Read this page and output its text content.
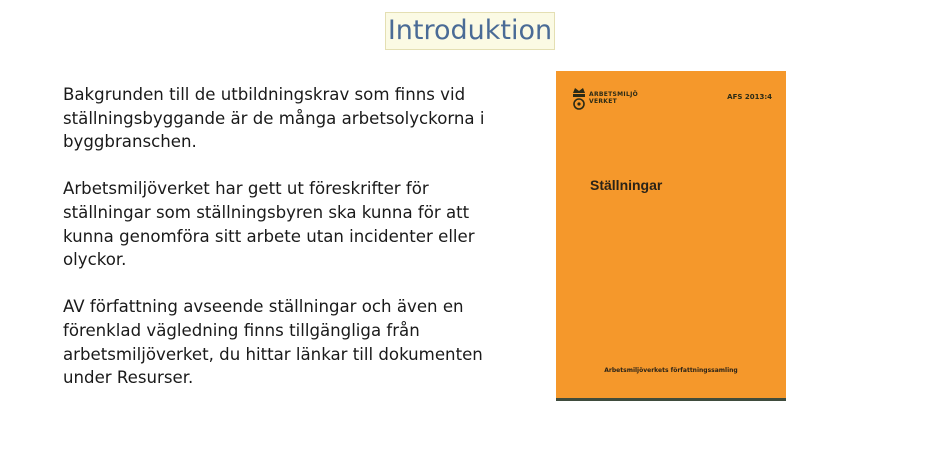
Introduktion

Bakgrunden till de utbildningskrav som finns vid ställningsbyggande är de många arbetsolyckorna i byggbranschen.

Arbetsmiljöverket har gett ut föreskrifter för ställningar som ställningsbyren ska kunna för att kunna genomföra sitt arbete utan incidenter eller olyckor.

AV författning avseende ställningar och även en förenklad vägledning finns tillgängliga från arbetsmiljöverket, du hittar länkar till dokumenten under Resurser.

ARBETSMILJÖ
VERKET
AFS 2013:4
Ställningar
Arbetsmiljöverkets författningssamling
